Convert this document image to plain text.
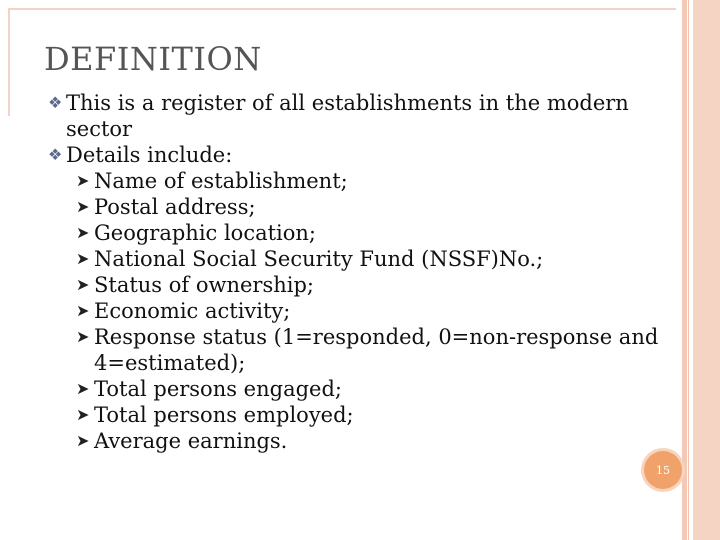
DEFINITION
❖ This is a register of all establishments in the modern sector
❖ Details include:
➤ Name of establishment;
➤ Postal address;
➤ Geographic location;
➤ National Social Security Fund (NSSF)No.;
➤ Status of ownership;
➤ Economic activity;
➤ Response status (1=responded, 0=non-response and 4=estimated);
➤ Total persons engaged;
➤ Total persons employed;
➤ Average earnings.
15
